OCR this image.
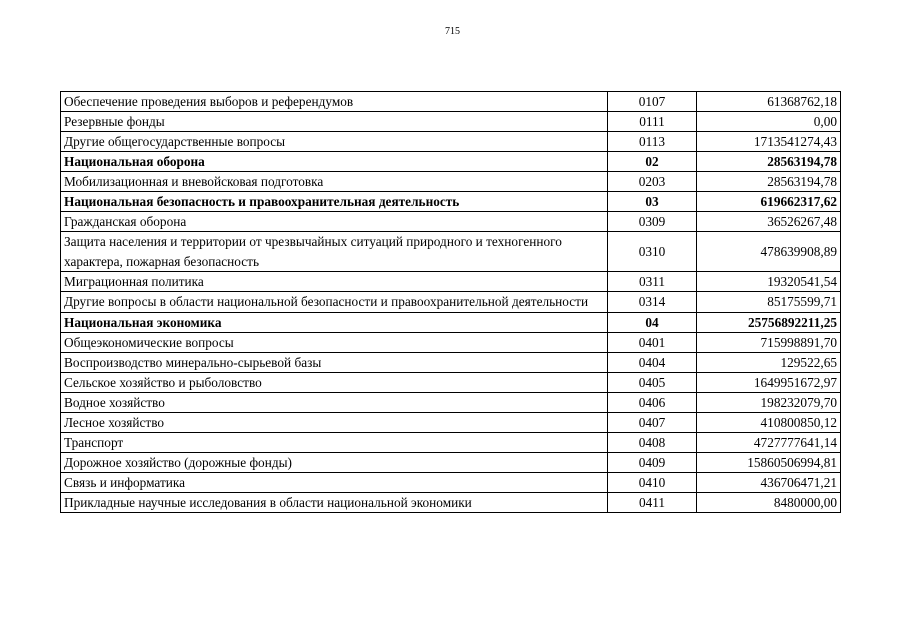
715
Обеспечение проведения выборов и референдумов	0107	61368762,18
Резервные фонды	0111	0,00
Другие общегосударственные вопросы	0113	1713541274,43
Национальная оборона	02	28563194,78
Мобилизационная и вневойсковая подготовка	0203	28563194,78
Национальная безопасность и правоохранительная деятельность	03	619662317,62
Гражданская оборона	0309	36526267,48
Защита населения и территории от чрезвычайных ситуаций природного и техногенного характера, пожарная безопасность	0310	478639908,89
Миграционная политика	0311	19320541,54
Другие вопросы в области национальной безопасности и правоохранительной деятельности	0314	85175599,71
Национальная экономика	04	25756892211,25
Общеэкономические вопросы	0401	715998891,70
Воспроизводство минерально-сырьевой базы	0404	129522,65
Сельское хозяйство и рыболовство	0405	1649951672,97
Водное хозяйство	0406	198232079,70
Лесное хозяйство	0407	410800850,12
Транспорт	0408	4727777641,14
Дорожное хозяйство (дорожные фонды)	0409	15860506994,81
Связь и информатика	0410	436706471,21
Прикладные научные исследования в области национальной экономики	0411	8480000,00
